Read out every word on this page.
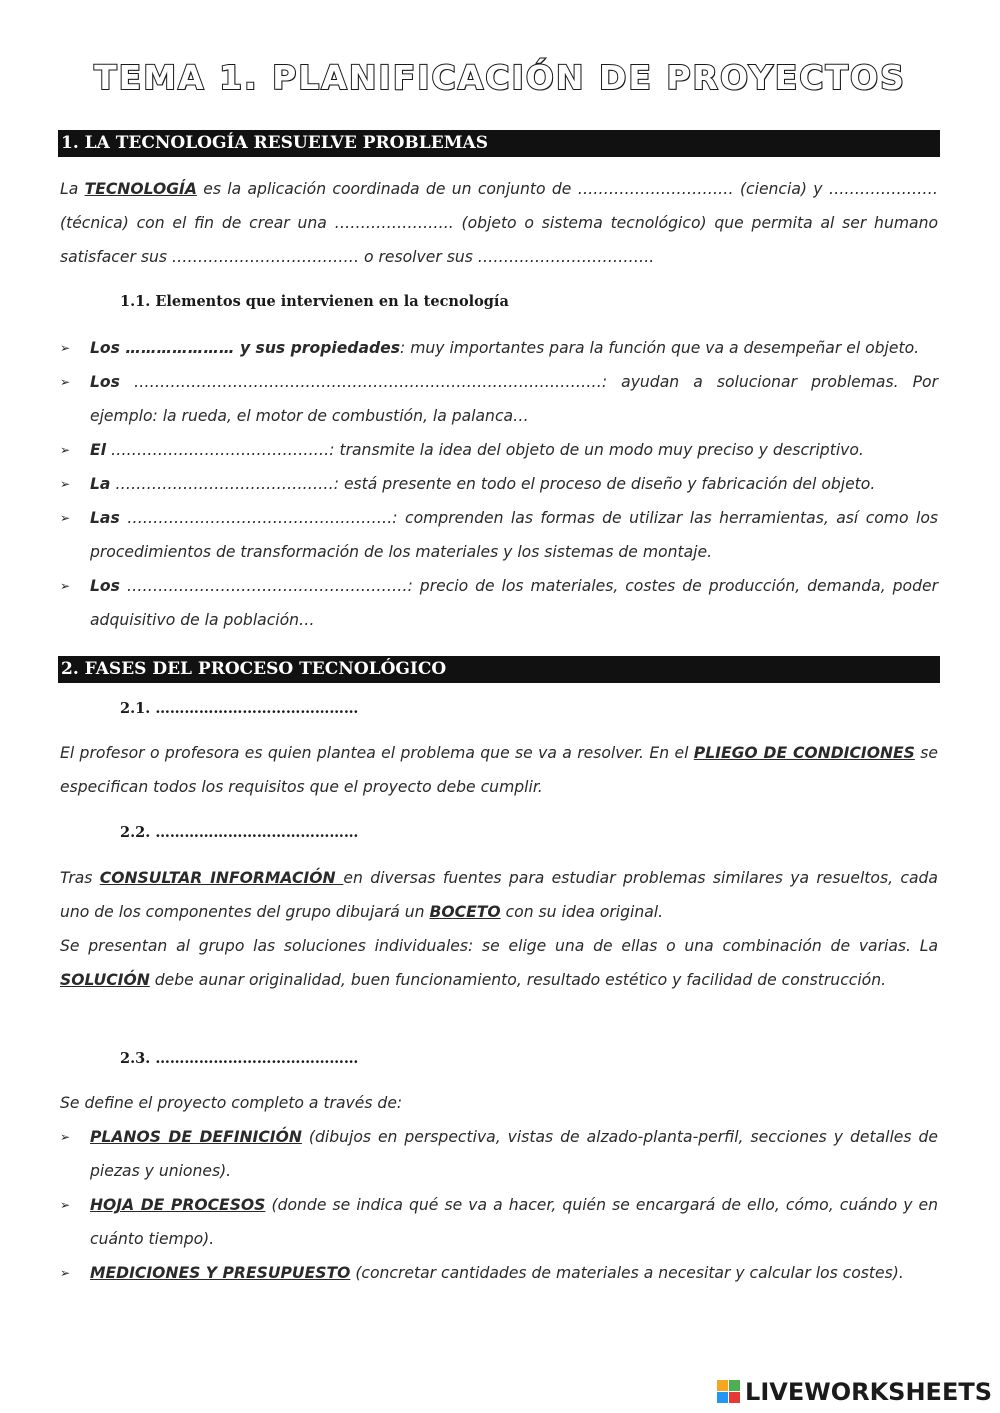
TEMA 1. PLANIFICACIÓN DE PROYECTOS
1. LA TECNOLOGÍA RESUELVE PROBLEMAS
La TECNOLOGÍA es la aplicación coordinada de un conjunto de ………………………… (ciencia) y ………………… (técnica) con el fin de crear una ………………….. (objeto o sistema tecnológico) que permita al ser humano satisfacer sus ……………………………… o resolver sus …………………………….
1.1. Elementos que intervienen en la tecnología
➢ Los ………………… y sus propiedades: muy importantes para la función que va a desempeñar el objeto.
➢ Los ………………………………………………………………………………: ayudan a solucionar problemas. Por ejemplo: la rueda, el motor de combustión, la palanca…
➢ El ……………………………………: transmite la idea del objeto de un modo muy preciso y descriptivo.
➢ La ……………………………………: está presente en todo el proceso de diseño y fabricación del objeto.
➢ Las ……………………………………………: comprenden las formas de utilizar las herramientas, así como los procedimientos de transformación de los materiales y los sistemas de montaje.
➢ Los ………………………………………………: precio de los materiales, costes de producción, demanda, poder adquisitivo de la población…
2. FASES DEL PROCESO TECNOLÓGICO
2.1. ……………………………………
El profesor o profesora es quien plantea el problema que se va a resolver. En el PLIEGO DE CONDICIONES se especifican todos los requisitos que el proyecto debe cumplir.
2.2. ……………………………………
Tras CONSULTAR INFORMACIÓN en diversas fuentes para estudiar problemas similares ya resueltos, cada uno de los componentes del grupo dibujará un BOCETO con su idea original.
Se presentan al grupo las soluciones individuales: se elige una de ellas o una combinación de varias. La SOLUCIÓN debe aunar originalidad, buen funcionamiento, resultado estético y facilidad de construcción.
2.3. ……………………………………
Se define el proyecto completo a través de:
➢ PLANOS DE DEFINICIÓN (dibujos en perspectiva, vistas de alzado-planta-perfil, secciones y detalles de piezas y uniones).
➢ HOJA DE PROCESOS (donde se indica qué se va a hacer, quién se encargará de ello, cómo, cuándo y en cuánto tiempo).
➢ MEDICIONES Y PRESUPUESTO (concretar cantidades de materiales a necesitar y calcular los costes).
LIVEWORKSHEETS
